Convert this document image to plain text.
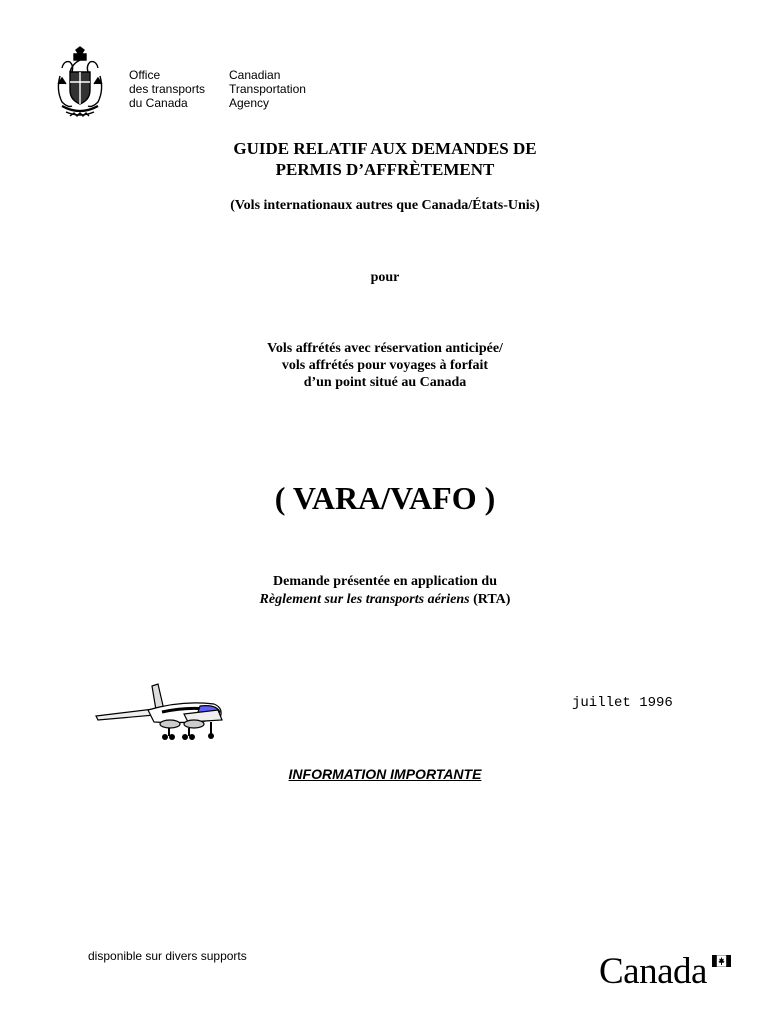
Office
des transports
du Canada
Canadian
Transportation
Agency
GUIDE RELATIF AUX DEMANDES DE
PERMIS D’AFFRÈTEMENT
(Vols internationaux autres que Canada/États-Unis)
pour
Vols affrétés avec réservation anticipée/
vols affrétés pour voyages à forfait
d’un point situé au Canada
( VARA/VAFO )
Demande présentée en application du
Règlement sur les transports aériens (RTA)
juillet 1996
INFORMATION IMPORTANTE
disponible sur divers supports	Canada
